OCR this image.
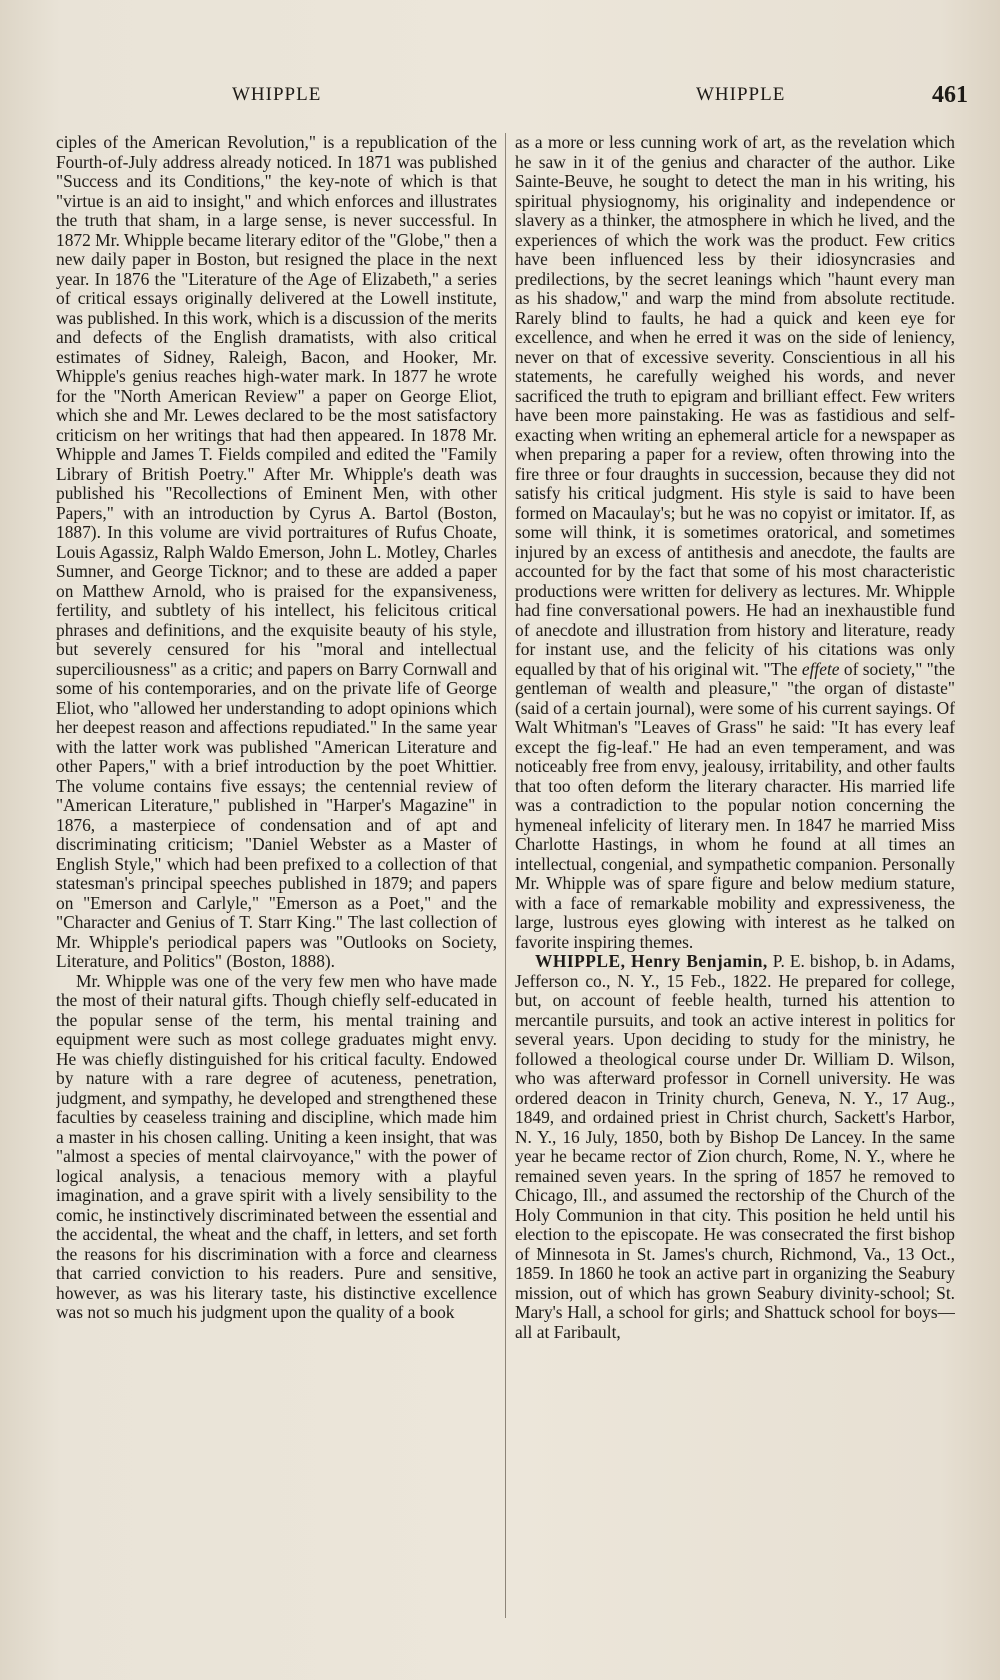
WHIPPLE	WHIPPLE	461

ciples of the American Revolution," is a republication of the Fourth-of-July address already noticed. In 1871 was published "Success and its Conditions," the key-note of which is that "virtue is an aid to insight," and which enforces and illustrates the truth that sham, in a large sense, is never successful. In 1872 Mr. Whipple became literary editor of the "Globe," then a new daily paper in Boston, but resigned the place in the next year. In 1876 the "Literature of the Age of Elizabeth," a series of critical essays originally delivered at the Lowell institute, was published. In this work, which is a discussion of the merits and defects of the English dramatists, with also critical estimates of Sidney, Raleigh, Bacon, and Hooker, Mr. Whipple's genius reaches high-water mark. In 1877 he wrote for the "North American Review" a paper on George Eliot, which she and Mr. Lewes declared to be the most satisfactory criticism on her writings that had then appeared. In 1878 Mr. Whipple and James T. Fields compiled and edited the "Family Library of British Poetry." After Mr. Whipple's death was published his "Recollections of Eminent Men, with other Papers," with an introduction by Cyrus A. Bartol (Boston, 1887). In this volume are vivid portraitures of Rufus Choate, Louis Agassiz, Ralph Waldo Emerson, John L. Motley, Charles Sumner, and George Ticknor; and to these are added a paper on Matthew Arnold, who is praised for the expansiveness, fertility, and subtlety of his intellect, his felicitous critical phrases and definitions, and the exquisite beauty of his style, but severely censured for his "moral and intellectual superciliousness" as a critic; and papers on Barry Cornwall and some of his contemporaries, and on the private life of George Eliot, who "allowed her understanding to adopt opinions which her deepest reason and affections repudiated." In the same year with the latter work was published "American Literature and other Papers," with a brief introduction by the poet Whittier. The volume contains five essays; the centennial review of "American Literature," published in "Harper's Magazine" in 1876, a masterpiece of condensation and of apt and discriminating criticism; "Daniel Webster as a Master of English Style," which had been prefixed to a collection of that statesman's principal speeches published in 1879; and papers on "Emerson and Carlyle," "Emerson as a Poet," and the "Character and Genius of T. Starr King." The last collection of Mr. Whipple's periodical papers was "Outlooks on Society, Literature, and Politics" (Boston, 1888).

Mr. Whipple was one of the very few men who have made the most of their natural gifts. Though chiefly self-educated in the popular sense of the term, his mental training and equipment were such as most college graduates might envy. He was chiefly distinguished for his critical faculty. Endowed by nature with a rare degree of acuteness, penetration, judgment, and sympathy, he developed and strengthened these faculties by ceaseless training and discipline, which made him a master in his chosen calling. Uniting a keen insight, that was "almost a species of mental clairvoyance," with the power of logical analysis, a tenacious memory with a playful imagination, and a grave spirit with a lively sensibility to the comic, he instinctively discriminated between the essential and the accidental, the wheat and the chaff, in letters, and set forth the reasons for his discrimination with a force and clearness that carried conviction to his readers. Pure and sensitive, however, as was his literary taste, his distinctive excellence was not so much his judgment upon the quality of a book

as a more or less cunning work of art, as the revelation which he saw in it of the genius and character of the author. Like Sainte-Beuve, he sought to detect the man in his writing, his spiritual physiognomy, his originality and independence or slavery as a thinker, the atmosphere in which he lived, and the experiences of which the work was the product. Few critics have been influenced less by their idiosyncrasies and predilections, by the secret leanings which "haunt every man as his shadow," and warp the mind from absolute rectitude. Rarely blind to faults, he had a quick and keen eye for excellence, and when he erred it was on the side of leniency, never on that of excessive severity. Conscientious in all his statements, he carefully weighed his words, and never sacrificed the truth to epigram and brilliant effect. Few writers have been more painstaking. He was as fastidious and self-exacting when writing an ephemeral article for a newspaper as when preparing a paper for a review, often throwing into the fire three or four draughts in succession, because they did not satisfy his critical judgment. His style is said to have been formed on Macaulay's; but he was no copyist or imitator. If, as some will think, it is sometimes oratorical, and sometimes injured by an excess of antithesis and anecdote, the faults are accounted for by the fact that some of his most characteristic productions were written for delivery as lectures. Mr. Whipple had fine conversational powers. He had an inexhaustible fund of anecdote and illustration from history and literature, ready for instant use, and the felicity of his citations was only equalled by that of his original wit. "The effete of society," "the gentleman of wealth and pleasure," "the organ of distaste" (said of a certain journal), were some of his current sayings. Of Walt Whitman's "Leaves of Grass" he said: "It has every leaf except the fig-leaf." He had an even temperament, and was noticeably free from envy, jealousy, irritability, and other faults that too often deform the literary character. His married life was a contradiction to the popular notion concerning the hymeneal infelicity of literary men. In 1847 he married Miss Charlotte Hastings, in whom he found at all times an intellectual, congenial, and sympathetic companion. Personally Mr. Whipple was of spare figure and below medium stature, with a face of remarkable mobility and expressiveness, the large, lustrous eyes glowing with interest as he talked on favorite inspiring themes.

WHIPPLE, Henry Benjamin, P. E. bishop, b. in Adams, Jefferson co., N. Y., 15 Feb., 1822. He prepared for college, but, on account of feeble health, turned his attention to mercantile pursuits, and took an active interest in politics for several years. Upon deciding to study for the ministry, he followed a theological course under Dr. William D. Wilson, who was afterward professor in Cornell university. He was ordered deacon in Trinity church, Geneva, N. Y., 17 Aug., 1849, and ordained priest in Christ church, Sackett's Harbor, N. Y., 16 July, 1850, both by Bishop De Lancey. In the same year he became rector of Zion church, Rome, N. Y., where he remained seven years. In the spring of 1857 he removed to Chicago, Ill., and assumed the rectorship of the Church of the Holy Communion in that city. This position he held until his election to the episcopate. He was consecrated the first bishop of Minnesota in St. James's church, Richmond, Va., 13 Oct., 1859. In 1860 he took an active part in organizing the Seabury mission, out of which has grown Seabury divinity-school; St. Mary's Hall, a school for girls; and Shattuck school for boys—all at Faribault,
